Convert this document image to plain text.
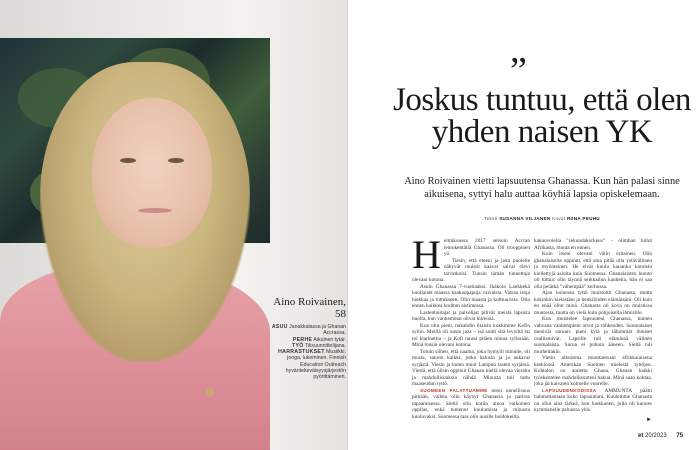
Aino Roivainen, 58
ASUU Janakkalassa ja Ghanan Accrassa.
PERHE Aikuinen tytär.
TYÖ Tilisuunnittelijana.
HARRASTUKSET Musiikki, jooga, lukeminen. Finnish Education Outreach hyväntekeväisyysjärjestön pyörittäminen.
”
Joskus tuntuu, että olen yhden naisen YK
Aino Roivainen vietti lapsuutensa Ghanassa. Kun hän palasi sinne aikuisena, syttyi halu auttaa köyhiä lapsia opiskelemaan.
Teksti SUSANNA VILJANEN Kuvat RIINA PEUHU
H elmikuussa 2017 seisoin Accran lentokentällä Ghanassa. Oli trooppinen yö.

Tiesin, että eteeni ja joka puolelle näkyvät muistit kaavat saivat olevi tarvatkoisi. Tunsin tämän tunnettuja olevani kotona.

Asuin Ghanassa 7-vuotiaaksi. Ikäkoin Lankkekä kuoliaiset maassa kaakaopapuja vaivaista. Vatsaa isoja hiekkaa ja tuttukseen. Olin maasta ja kulttuurista. Olin ennen kaikkea koditun aistimessa.

Lastenhoitajat ja palvelijat pitivät meistä lapsista huolta, kun vanhemmat olivat kiireisiä.

Kun olin pieni, nukahdin iltaisin kokkimme Kofin syliin. Meillä oli uusin jazz – isä soitti sitä levyiltä tai toi klarinettia – ja Kofi tanssi pitäen minua sylissään. Minä tunsin olevani kotona.

Totuin siihen, että naama, joka hymyili minulle, oli musta, sanoin kaikki, jotka halusin ja ja aukavat syrjästä. Viesin ja kuten muut Lampun lasten syrjässä. Viestä, että olisin oppinut Ghanan kieltä olevaa vieraita ja mahdollisuuksia nähdä. Minusta tuli tuttu maaseudun tyttö.

SUOMEEN PALATTUAMME meni onnellisuus pitkään, vaikka olin käynyt Ghanassa jo parissa tapaamisessa. Sieltä olin kotiin ainoa valkoinen oppilas, enkä tuntenut kuulumista ja minusta kuuluvaksi. Suomessa taas olin uusille hoidokeilta.

kakaovoiella ”sekundakorkeus” – olimhan tullut Afrikasta, muuta en ennen.

Koin itseni olevani välin erilainen. Olin ghanalaiselta oppinut, että aina pitää olla ystävällinen ja myönteinen. He eivät kuulu kauanka kotoisin kiellettyjä asioita kuin Suomessa. Ghanalaisten luonto oli tuttua: olin täynnä seikkailun kauheita, hän ei saa olla pelätkä ”vähempää” kerhossa.

Ajan kuluessa tyttö muistoitti Ghanasta, mutta kokinkin kielestäni ja henkilöiden elämässäni. Oli kuin en enää ollut minä. Ghanasta oli kova on muistissa muutosta, mutta on vielä kuin pohjoisella ihmisille.

Kun muistelee lapsuuteni Ghanassa, tunnen vahvana vanhempieni arvot ja rohkeuden. Suomalaiset menivät suruun: pieni kylä ja lähimmät ihmiset osallistuivat. Lapsille tuli elämässä välinen suomalaista. Surua ei puhuta ääneen. Sieltä tuli murheitakin.

Vietin aikuisena muuttaessani afrikkalaisena keskiössä Amerikan Suomen mielestä tyttöjen. Kohtalon on annettu Ghana, Ghanan kaikki työskentelee mahdollisuuteni hakua. Minä saan kohtaa, joka jäi kaivaten kolmelle vuorelle.

LAPSUUDENKODISSA AMMUNTA päätti hahmottamaan koko lapsuuttani. Kuulemme Ghanasta on ollut aina tärkeä, kun luokkanen, jolla oli kunnes kymmenelle paluussa ylös.

►
et 20/2023 75
